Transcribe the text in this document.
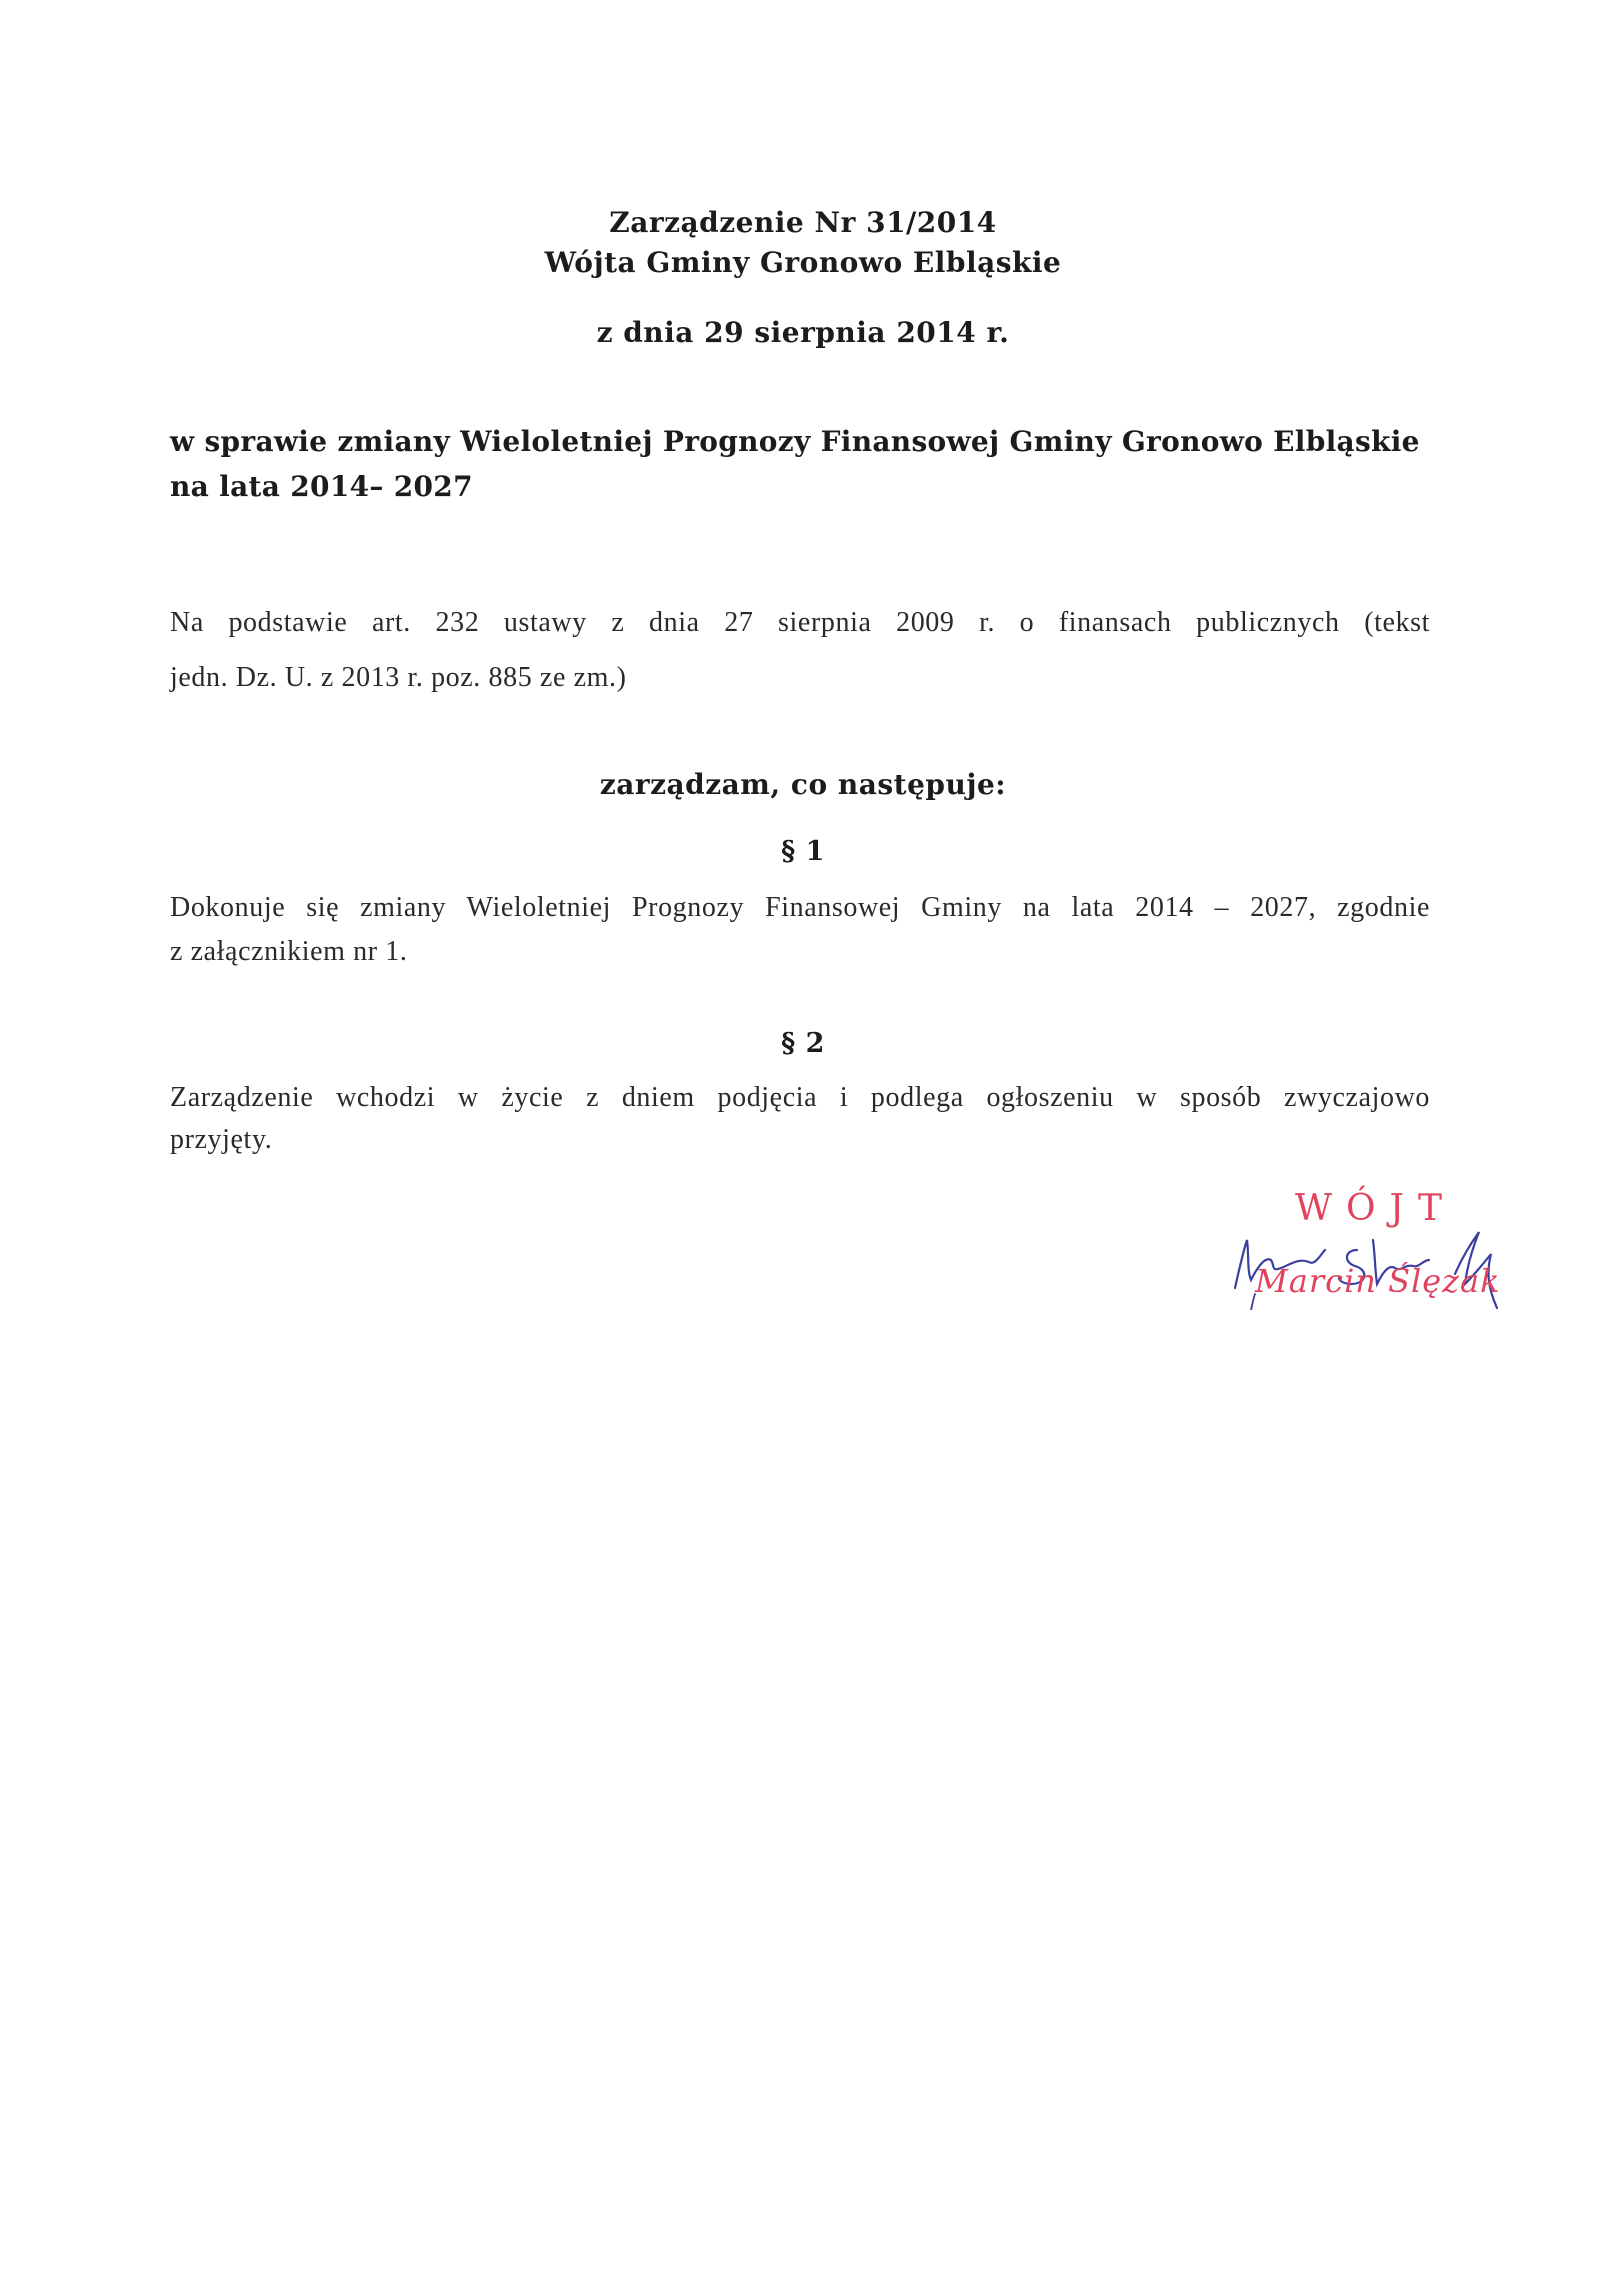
Zarządzenie Nr 31/2014
Wójta Gminy Gronowo Elbląskie
z dnia 29 sierpnia 2014 r.
w sprawie zmiany Wieloletniej Prognozy Finansowej Gminy Gronowo Elbląskie
na lata 2014– 2027
Na podstawie art. 232 ustawy z dnia 27 sierpnia 2009 r. o finansach publicznych (tekst
jedn. Dz. U. z 2013 r. poz. 885 ze zm.)
zarządzam, co następuje:
§ 1
Dokonuje się zmiany Wieloletniej Prognozy Finansowej Gminy na lata 2014 – 2027, zgodnie
z załącznikiem nr 1.
§ 2
Zarządzenie wchodzi w życie z dniem podjęcia i podlega ogłoszeniu w sposób zwyczajowo
przyjęty.
WÓJT
Marcin Ślęzak
